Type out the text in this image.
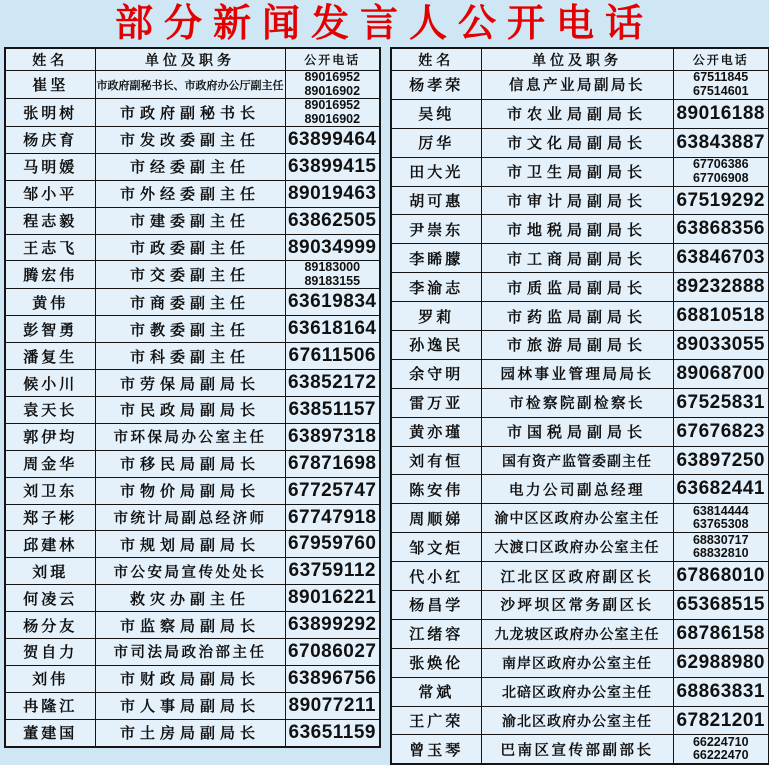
部分新闻发言人公开电话
姓名	单位及职务	公开电话
崔坚	市政府副秘书长、市政府办公厅副主任	89016952
89016902

张明树	市政府副秘书长	89016952
89016902

杨庆育	市发改委副主任	63899464

马明媛	市经委副主任	63899415

邹小平	市外经委副主任	89019463

程志毅	市建委副主任	63862505

王志飞	市政委副主任	89034999

腾宏伟	市交委副主任	89183000
89183155

黄伟	市商委副主任	63619834

彭智勇	市教委副主任	63618164

潘复生	市科委副主任	67611506

候小川	市劳保局副局长	63852172

袁天长	市民政局副局长	63851157

郭伊均	市环保局办公室主任	63897318

周金华	市移民局副局长	67871698

刘卫东	市物价局副局长	67725747

郑子彬	市统计局副总经济师	67747918

邱建林	市规划局副局长	67959760

刘琨	市公安局宣传处处长	63759112

何凌云	救灾办副主任	89016221

杨分友	市监察局副局长	63899292

贺自力	市司法局政治部主任	67086027

刘伟	市财政局副局长	63896756

冉隆江	市人事局副局长	89077211

董建国	市土房局副局长	63651159
姓名	单位及职务	公开电话
杨孝荣	信息产业局副局长	67511845
67514601

吴纯	市农业局副局长	89016188

厉华	市文化局副局长	63843887

田大光	市卫生局副局长	67706386
67706908

胡可惠	市审计局副局长	67519292

尹崇东	市地税局副局长	63868356

李睎朦	市工商局副局长	63846703

李渝志	市质监局副局长	89232888

罗莉	市药监局副局长	68810518

孙逸民	市旅游局副局长	89033055

余守明	园林事业管理局局长	89068700

雷万亚	市检察院副检察长	67525831

黄亦瑾	市国税局副局长	67676823

刘有恒	国有资产监管委副主任	63897250

陈安伟	电力公司副总经理	63682441

周顺娣	渝中区区政府办公室主任	63814444
63765308

邹文炬	大渡口区政府办公室主任	68830717
68832810

代小红	江北区区政府副区长	67868010

杨昌学	沙坪坝区常务副区长	65368515

江绪容	九龙坡区政府办公室主任	68786158

张焕伦	南岸区政府办公室主任	62988980

常斌	北碚区政府办公室主任	68863831

王广荣	渝北区政府办公室主任	67821201

曾玉琴	巴南区宣传部副部长	66224710
66222470
